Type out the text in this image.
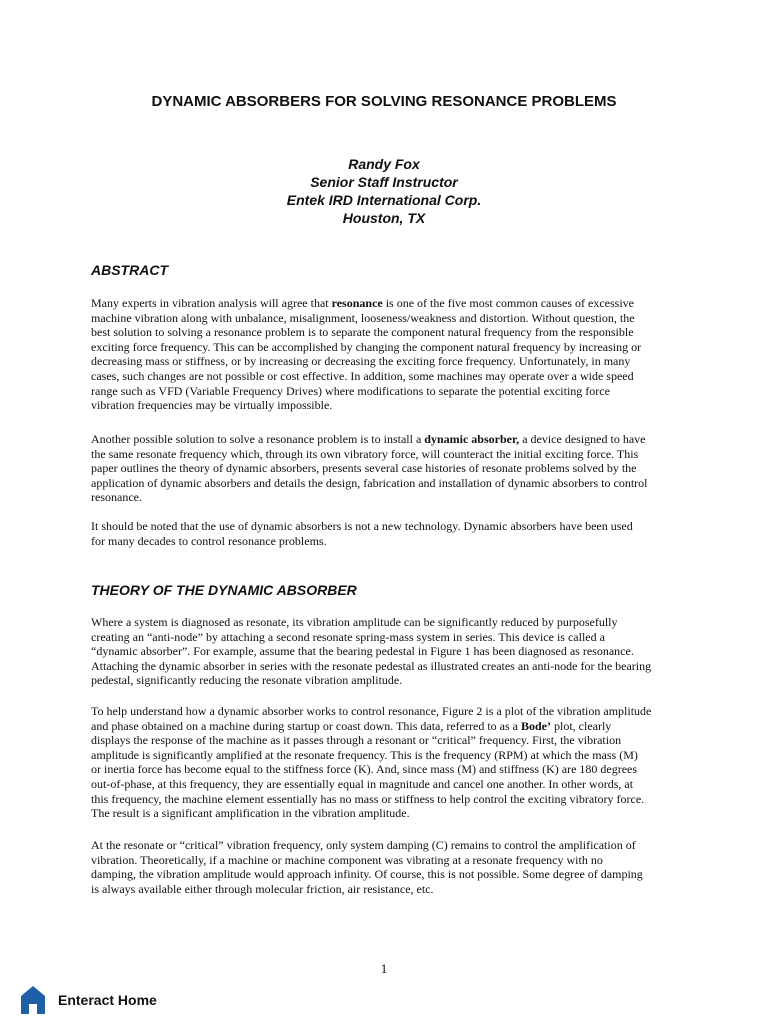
DYNAMIC ABSORBERS FOR SOLVING RESONANCE PROBLEMS
Randy Fox
Senior Staff Instructor
Entek IRD International Corp.
Houston, TX
ABSTRACT

Many experts in vibration analysis will agree that resonance is one of the five most common causes of excessive
machine vibration along with unbalance, misalignment, looseness/weakness and distortion. Without question, the
best solution to solving a resonance problem is to separate the component natural frequency from the responsible
exciting force frequency. This can be accomplished by changing the component natural frequency by increasing or
decreasing mass or stiffness, or by increasing or decreasing the exciting force frequency. Unfortunately, in many
cases, such changes are not possible or cost effective. In addition, some machines may operate over a wide speed
range such as VFD (Variable Frequency Drives) where modifications to separate the potential exciting force
vibration frequencies may be virtually impossible.

Another possible solution to solve a resonance problem is to install a dynamic absorber, a device designed to have
the same resonate frequency which, through its own vibratory force, will counteract the initial exciting force. This
paper outlines the theory of dynamic absorbers, presents several case histories of resonate problems solved by the
application of dynamic absorbers and details the design, fabrication and installation of dynamic absorbers to control
resonance.

It should be noted that the use of dynamic absorbers is not a new technology. Dynamic absorbers have been used
for many decades to control resonance problems.

THEORY OF THE DYNAMIC ABSORBER

Where a system is diagnosed as resonate, its vibration amplitude can be significantly reduced by purposefully
creating an “anti-node” by attaching a second resonate spring-mass system in series. This device is called a
“dynamic absorber”. For example, assume that the bearing pedestal in Figure 1 has been diagnosed as resonance.
Attaching the dynamic absorber in series with the resonate pedestal as illustrated creates an anti-node for the bearing
pedestal, significantly reducing the resonate vibration amplitude.

To help understand how a dynamic absorber works to control resonance, Figure 2 is a plot of the vibration amplitude
and phase obtained on a machine during startup or coast down. This data, referred to as a Bode’ plot, clearly
displays the response of the machine as it passes through a resonant or “critical” frequency. First, the vibration
amplitude is significantly amplified at the resonate frequency. This is the frequency (RPM) at which the mass (M)
or inertia force has become equal to the stiffness force (K). And, since mass (M) and stiffness (K) are 180 degrees
out-of-phase, at this frequency, they are essentially equal in magnitude and cancel one another. In other words, at
this frequency, the machine element essentially has no mass or stiffness to help control the exciting vibratory force.
The result is a significant amplification in the vibration amplitude.

At the resonate or “critical” vibration frequency, only system damping (C) remains to control the amplification of
vibration. Theoretically, if a machine or machine component was vibrating at a resonate frequency with no
damping, the vibration amplitude would approach infinity. Of course, this is not possible. Some degree of damping
is always available either through molecular friction, air resistance, etc.

1
Enteract Home
